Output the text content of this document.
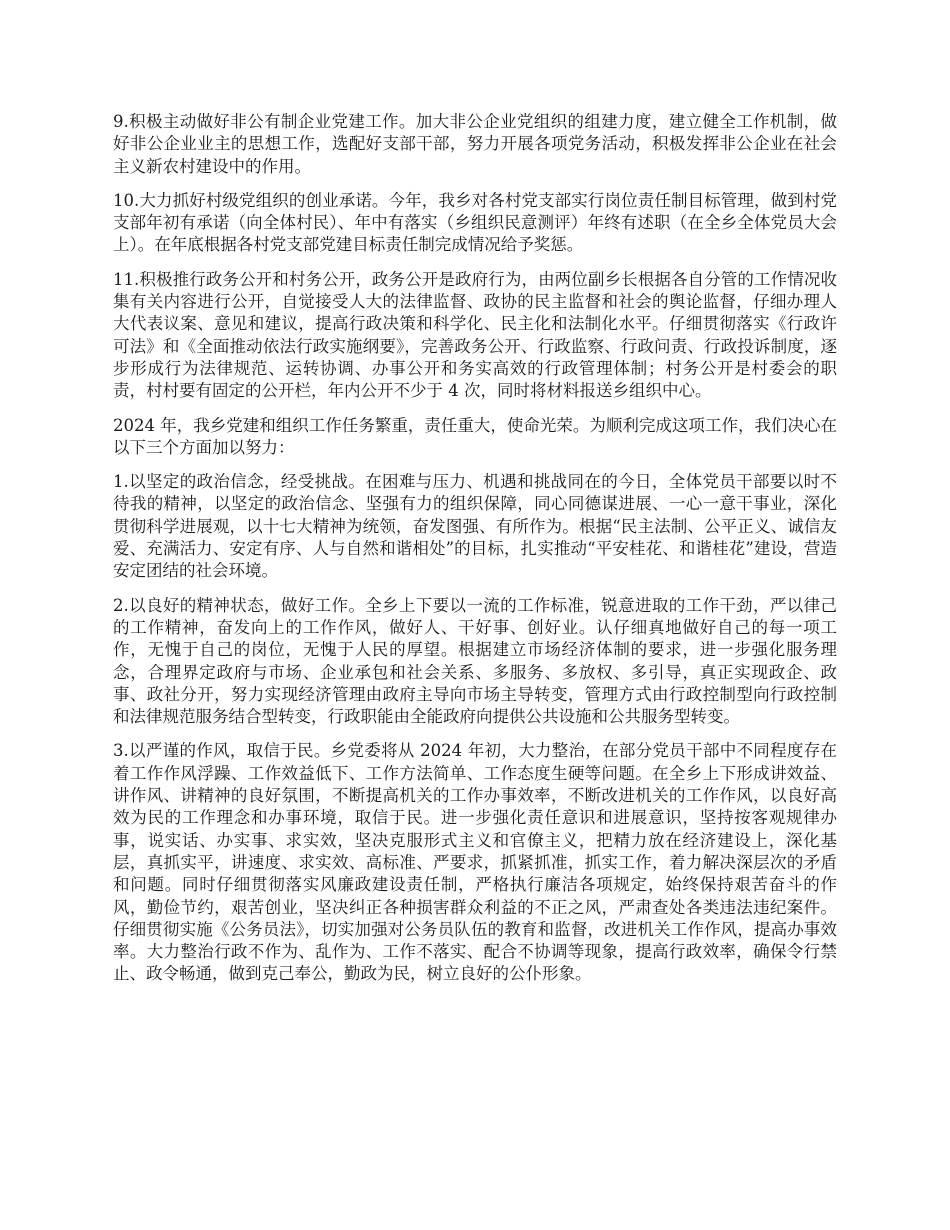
9.积极主动做好非公有制企业党建工作。加大非公企业党组织的组建力度，建立健全工作机制，做好非公企业业主的思想工作，选配好支部干部，努力开展各项党务活动，积极发挥非公企业在社会主义新农村建设中的作用。

10.大力抓好村级党组织的创业承诺。今年，我乡对各村党支部实行岗位责任制目标管理，做到村党支部年初有承诺（向全体村民）、年中有落实（乡组织民意测评）年终有述职（在全乡全体党员大会上）。在年底根据各村党支部党建目标责任制完成情况给予奖惩。

11.积极推行政务公开和村务公开，政务公开是政府行为，由两位副乡长根据各自分管的工作情况收集有关内容进行公开，自觉接受人大的法律监督、政协的民主监督和社会的舆论监督，仔细办理人大代表议案、意见和建议，提高行政决策和科学化、民主化和法制化水平。仔细贯彻落实《行政许可法》和《全面推动依法行政实施纲要》，完善政务公开、行政监察、行政问责、行政投诉制度，逐步形成行为法律规范、运转协调、办事公开和务实高效的行政管理体制；村务公开是村委会的职责，村村要有固定的公开栏，年内公开不少于 4 次，同时将材料报送乡组织中心。

2024 年，我乡党建和组织工作任务繁重，责任重大，使命光荣。为顺利完成这项工作，我们决心在以下三个方面加以努力：

1.以坚定的政治信念，经受挑战。在困难与压力、机遇和挑战同在的今日，全体党员干部要以时不待我的精神，以坚定的政治信念、坚强有力的组织保障，同心同德谋进展、一心一意干事业，深化贯彻科学进展观，以十七大精神为统领，奋发图强、有所作为。根据“民主法制、公平正义、诚信友爱、充满活力、安定有序、人与自然和谐相处”的目标，扎实推动“平安桂花、和谐桂花”建设，营造安定团结的社会环境。

2.以良好的精神状态，做好工作。全乡上下要以一流的工作标准，锐意进取的工作干劲，严以律己的工作精神，奋发向上的工作作风，做好人、干好事、创好业。认仔细真地做好自己的每一项工作，无愧于自己的岗位，无愧于人民的厚望。根据建立市场经济体制的要求，进一步强化服务理念，合理界定政府与市场、企业承包和社会关系、多服务、多放权、多引导，真正实现政企、政事、政社分开，努力实现经济管理由政府主导向市场主导转变，管理方式由行政控制型向行政控制和法律规范服务结合型转变，行政职能由全能政府向提供公共设施和公共服务型转变。

3.以严谨的作风，取信于民。乡党委将从 2024 年初，大力整治，在部分党员干部中不同程度存在着工作作风浮躁、工作效益低下、工作方法简单、工作态度生硬等问题。在全乡上下形成讲效益、讲作风、讲精神的良好氛围，不断提高机关的工作办事效率，不断改进机关的工作作风，以良好高效为民的工作理念和办事环境，取信于民。进一步强化责任意识和进展意识，坚持按客观规律办事，说实话、办实事、求实效，坚决克服形式主义和官僚主义，把精力放在经济建设上，深化基层，真抓实平，讲速度、求实效、高标准、严要求，抓紧抓准，抓实工作，着力解决深层次的矛盾和问题。同时仔细贯彻落实风廉政建设责任制，严格执行廉洁各项规定，始终保持艰苦奋斗的作风，勤俭节约，艰苦创业，坚决纠正各种损害群众利益的不正之风，严肃查处各类违法违纪案件。仔细贯彻实施《公务员法》，切实加强对公务员队伍的教育和监督，改进机关工作作风，提高办事效率。大力整治行政不作为、乱作为、工作不落实、配合不协调等现象，提高行政效率，确保令行禁止、政令畅通，做到克己奉公，勤政为民，树立良好的公仆形象。
